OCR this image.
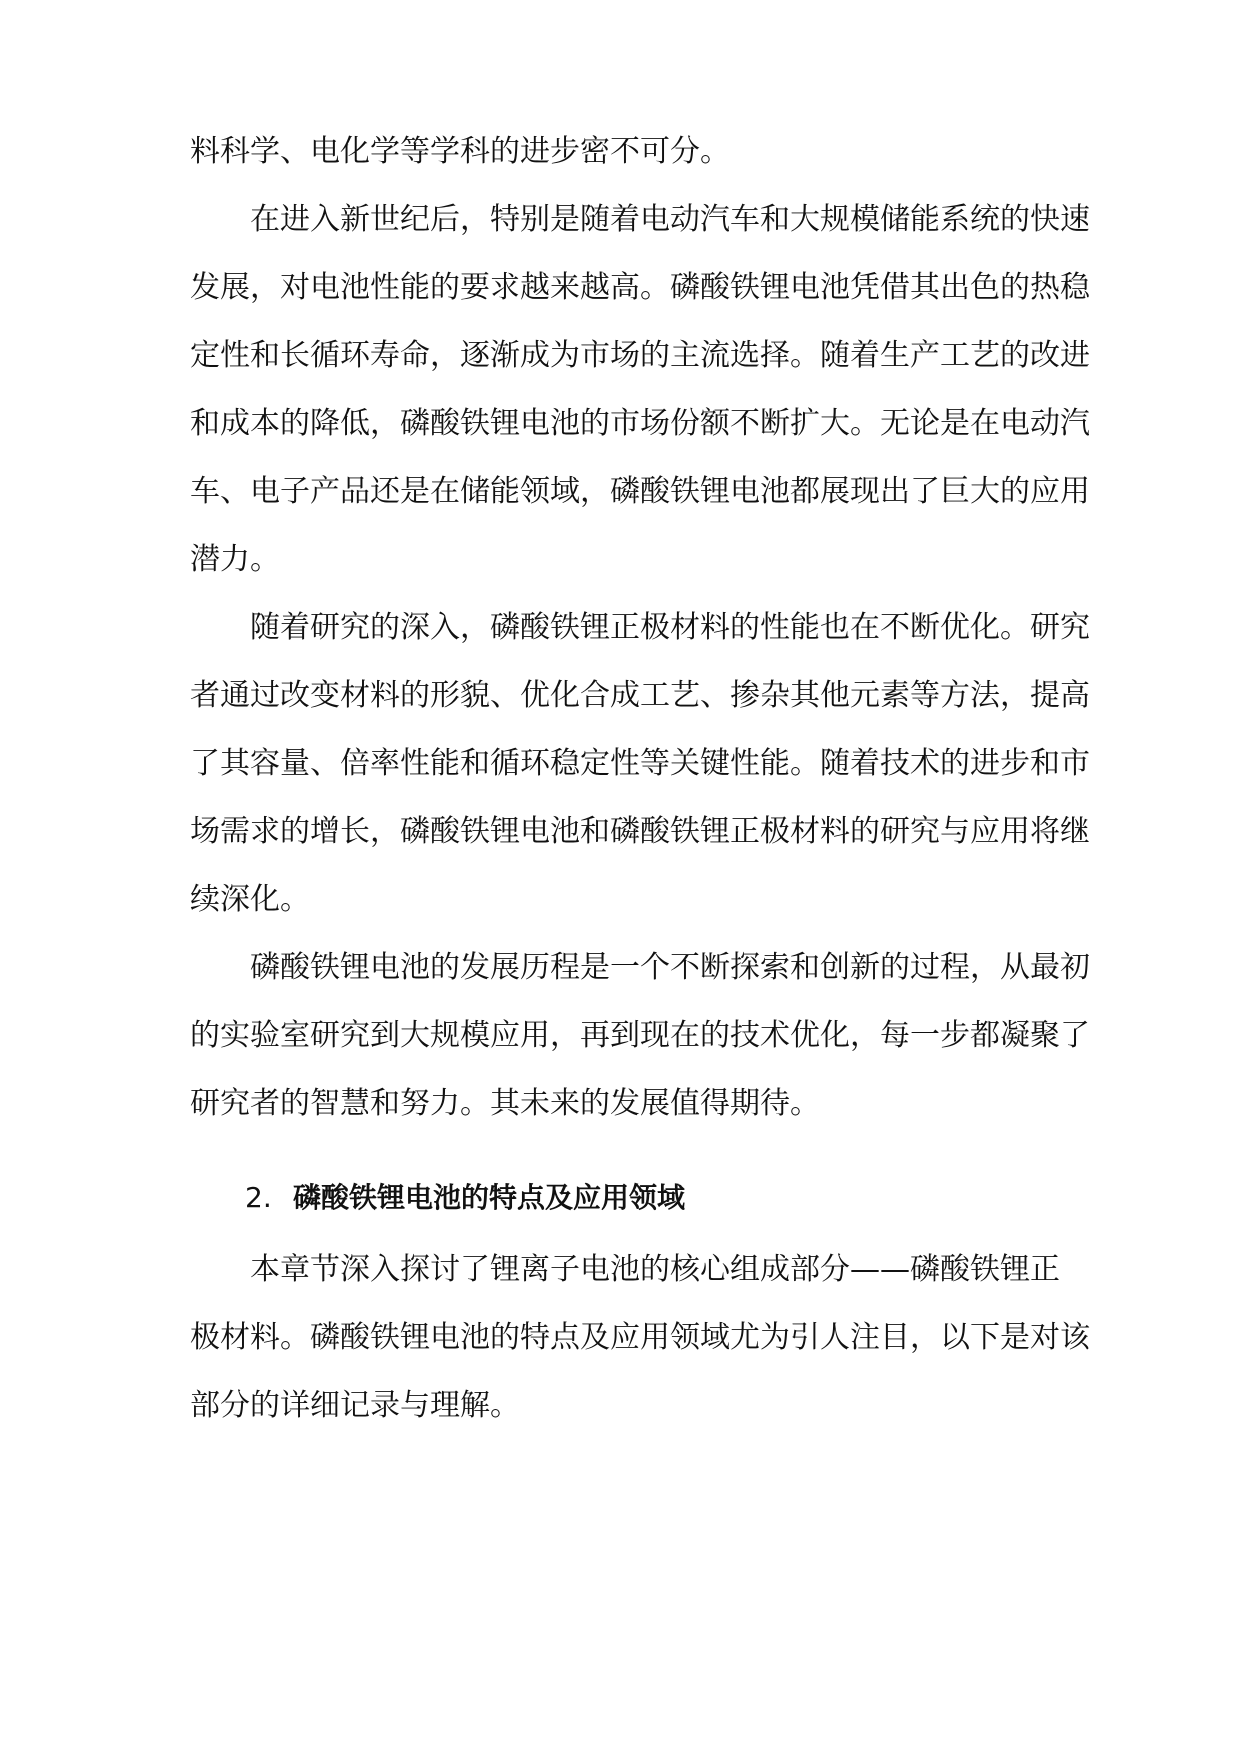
料科学、电化学等学科的进步密不可分。
在进入新世纪后，特别是随着电动汽车和大规模储能系统的快速
发展，对电池性能的要求越来越高。磷酸铁锂电池凭借其出色的热稳
定性和长循环寿命，逐渐成为市场的主流选择。随着生产工艺的改进
和成本的降低，磷酸铁锂电池的市场份额不断扩大。无论是在电动汽
车、电子产品还是在储能领域，磷酸铁锂电池都展现出了巨大的应用
潜力。
随着研究的深入，磷酸铁锂正极材料的性能也在不断优化。研究
者通过改变材料的形貌、优化合成工艺、掺杂其他元素等方法，提高
了其容量、倍率性能和循环稳定性等关键性能。随着技术的进步和市
场需求的增长，磷酸铁锂电池和磷酸铁锂正极材料的研究与应用将继
续深化。
磷酸铁锂电池的发展历程是一个不断探索和创新的过程，从最初
的实验室研究到大规模应用，再到现在的技术优化，每一步都凝聚了
研究者的智慧和努力。其未来的发展值得期待。
2. 磷酸铁锂电池的特点及应用领域
本章节深入探讨了锂离子电池的核心组成部分——磷酸铁锂正
极材料。磷酸铁锂电池的特点及应用领域尤为引人注目，以下是对该
部分的详细记录与理解。
